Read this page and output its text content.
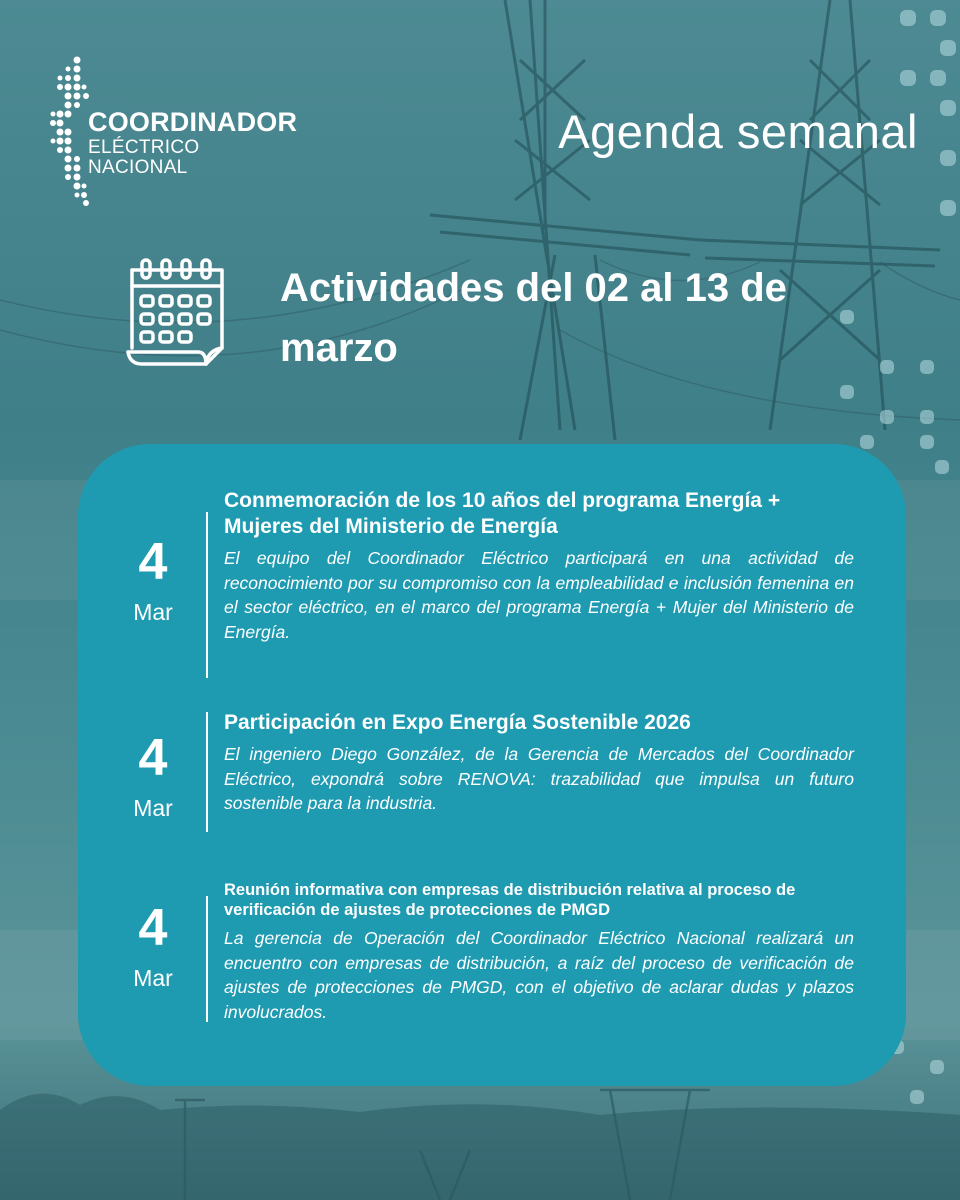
COORDINADOR
ELÉCTRICO NACIONAL
Agenda semanal
Actividades del 02 al 13 de marzo
4
Mar
Conmemoración de los 10 años del programa Energía + Mujeres del Ministerio de Energía
El equipo del Coordinador Eléctrico participará en una actividad de reconocimiento por su compromiso con la empleabilidad e inclusión femenina en el sector eléctrico, en el marco del programa Energía + Mujer del Ministerio de Energía.
4
Mar
Participación en Expo Energía Sostenible 2026
El ingeniero Diego González, de la Gerencia de Mercados del Coordinador Eléctrico, expondrá sobre RENOVA: trazabilidad que impulsa un futuro sostenible para la industria.
4
Mar
Reunión informativa con empresas de distribución relativa al proceso de verificación de ajustes de protecciones de PMGD
La gerencia de Operación del Coordinador Eléctrico Nacional realizará un encuentro con empresas de distribución, a raíz del proceso de verificación de ajustes de protecciones de PMGD, con el objetivo de aclarar dudas y plazos involucrados.
